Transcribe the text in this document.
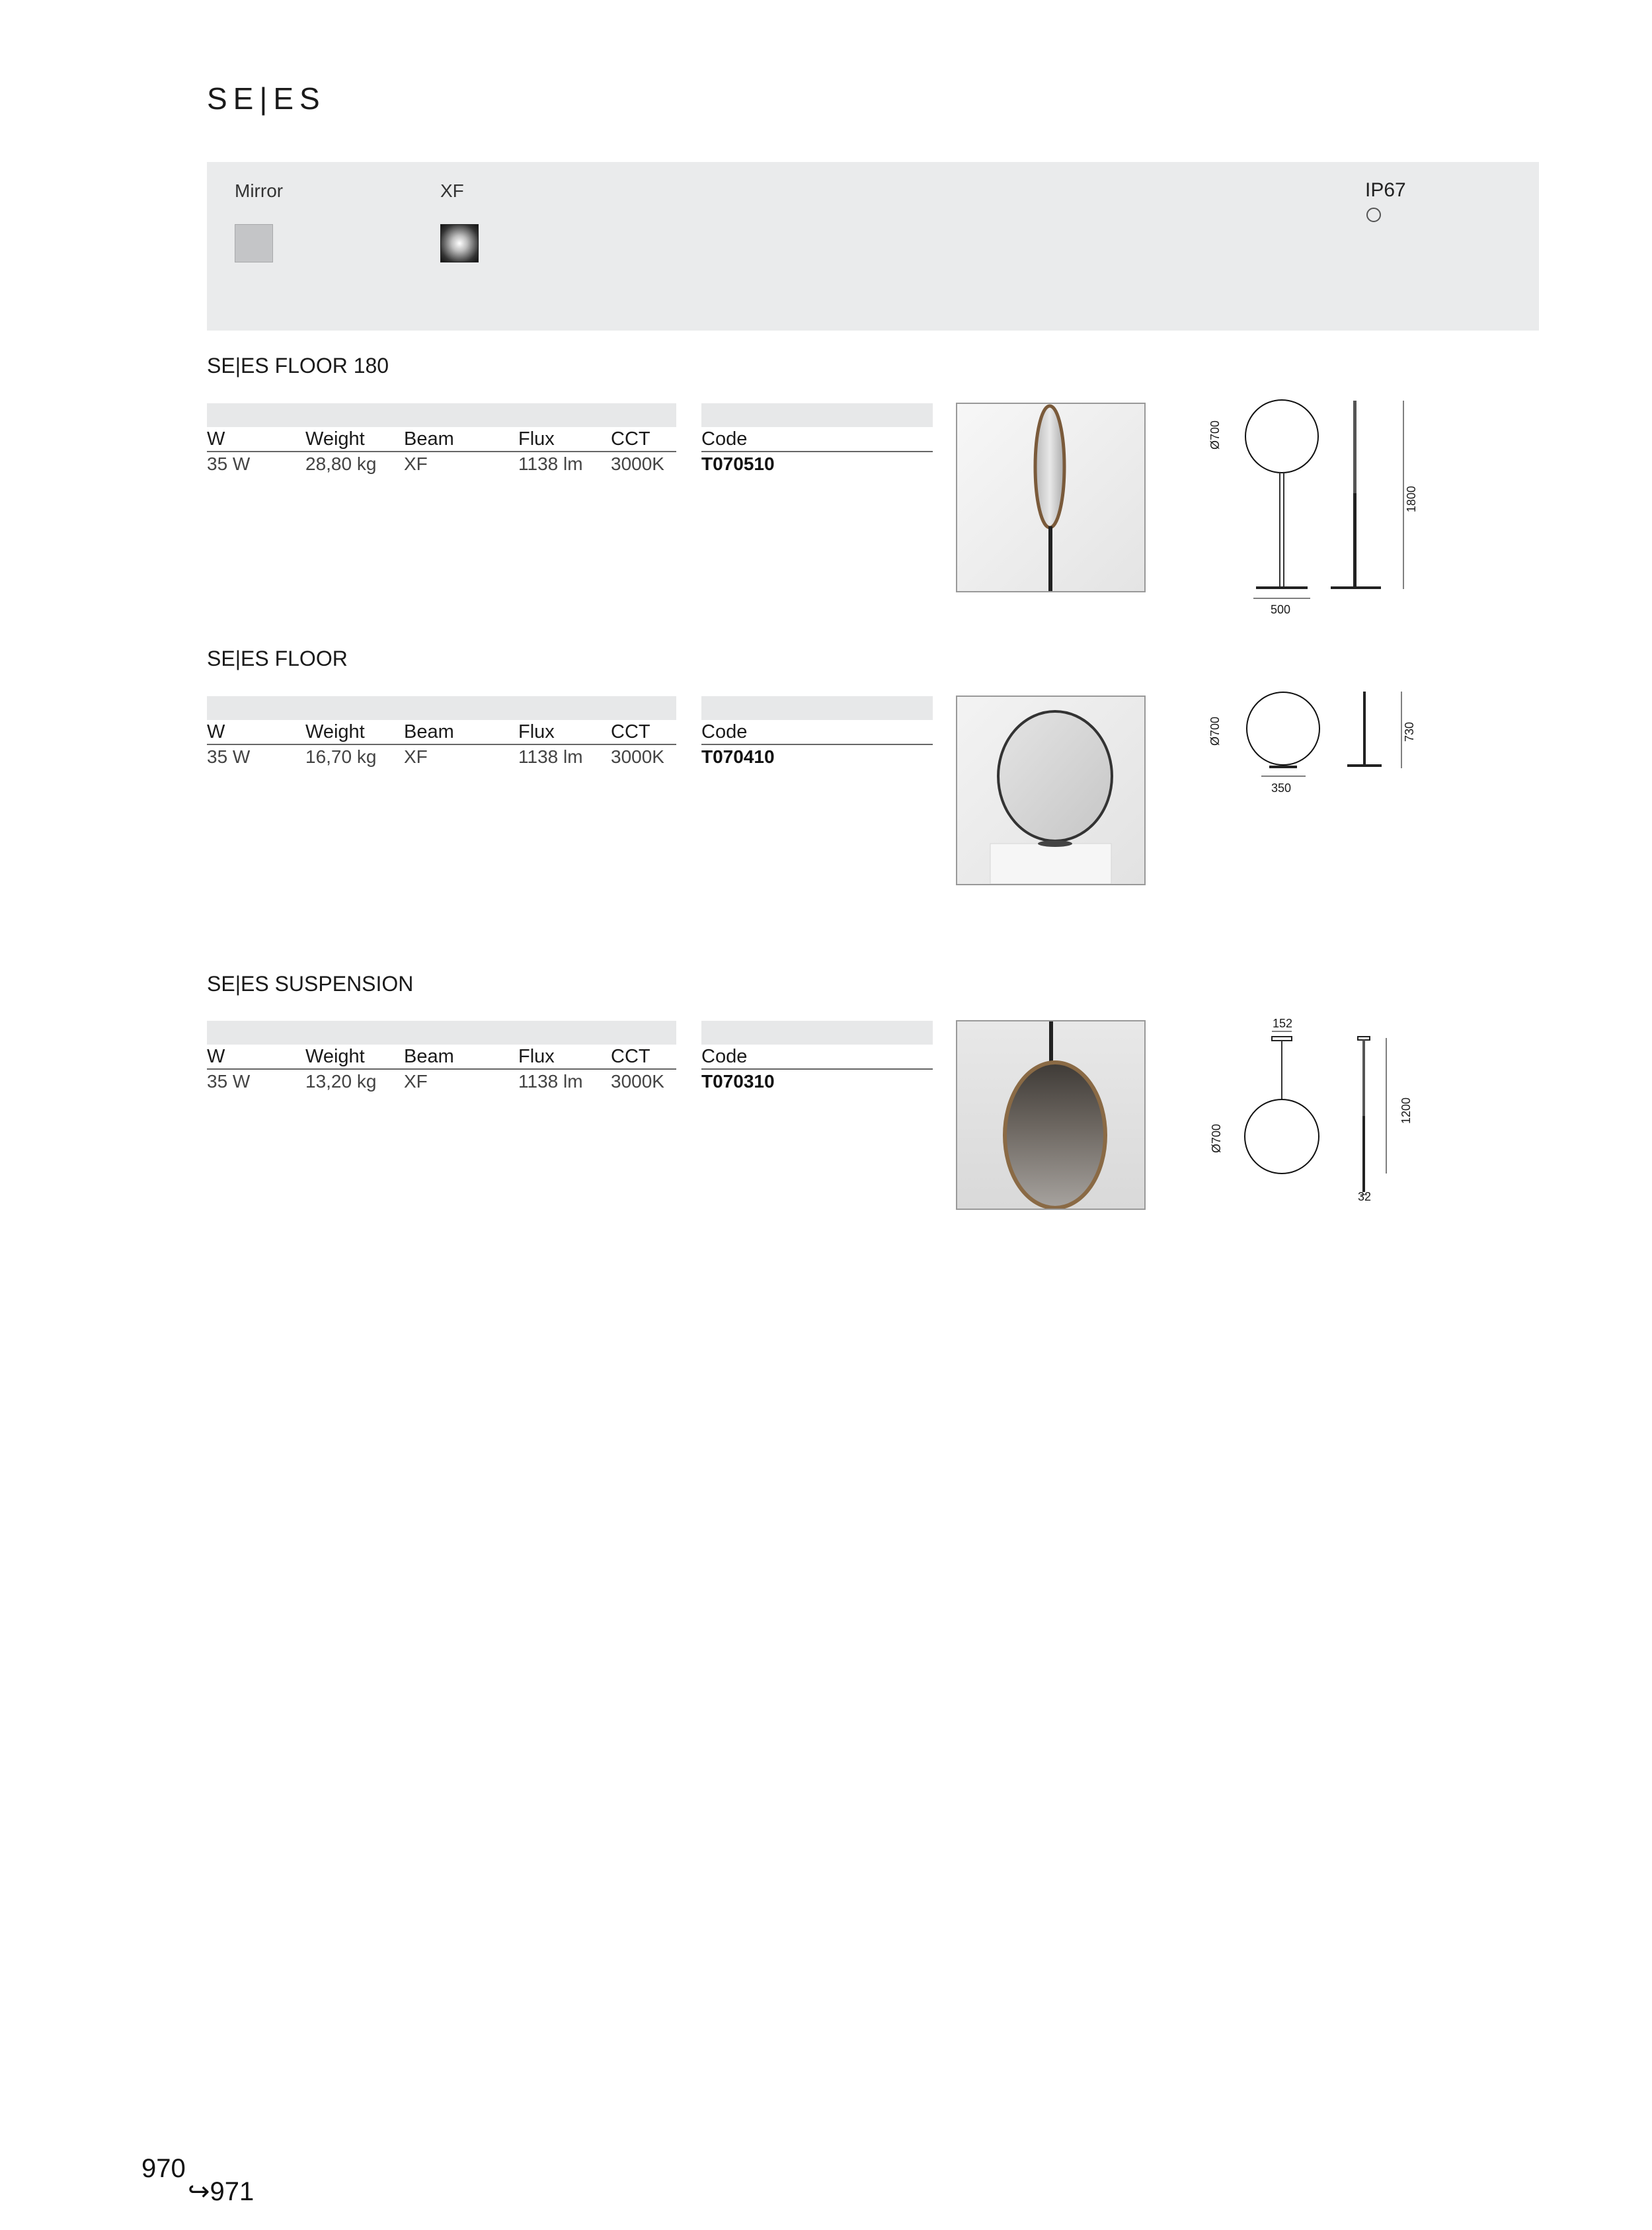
SE|ES
Mirror	XF	IP67
SE|ES FLOOR 180
W	Weight Beam	Flux	CCT	Code
35 W	28,80 kg XF	1138 lm 3000K T070510
Ø700
1800
500
SE|ES FLOOR
W	Weight Beam	Flux	CCT	Code
35 W	16,70 kg XF	1138 lm 3000K T070410
Ø700	730
350
SE|ES SUSPENSION
W	Weight Beam	Flux	CCT	Code
35 W	13,20 kg XF	1138 lm 3000K T070310
152
Ø700
1200
32
970
↪971
